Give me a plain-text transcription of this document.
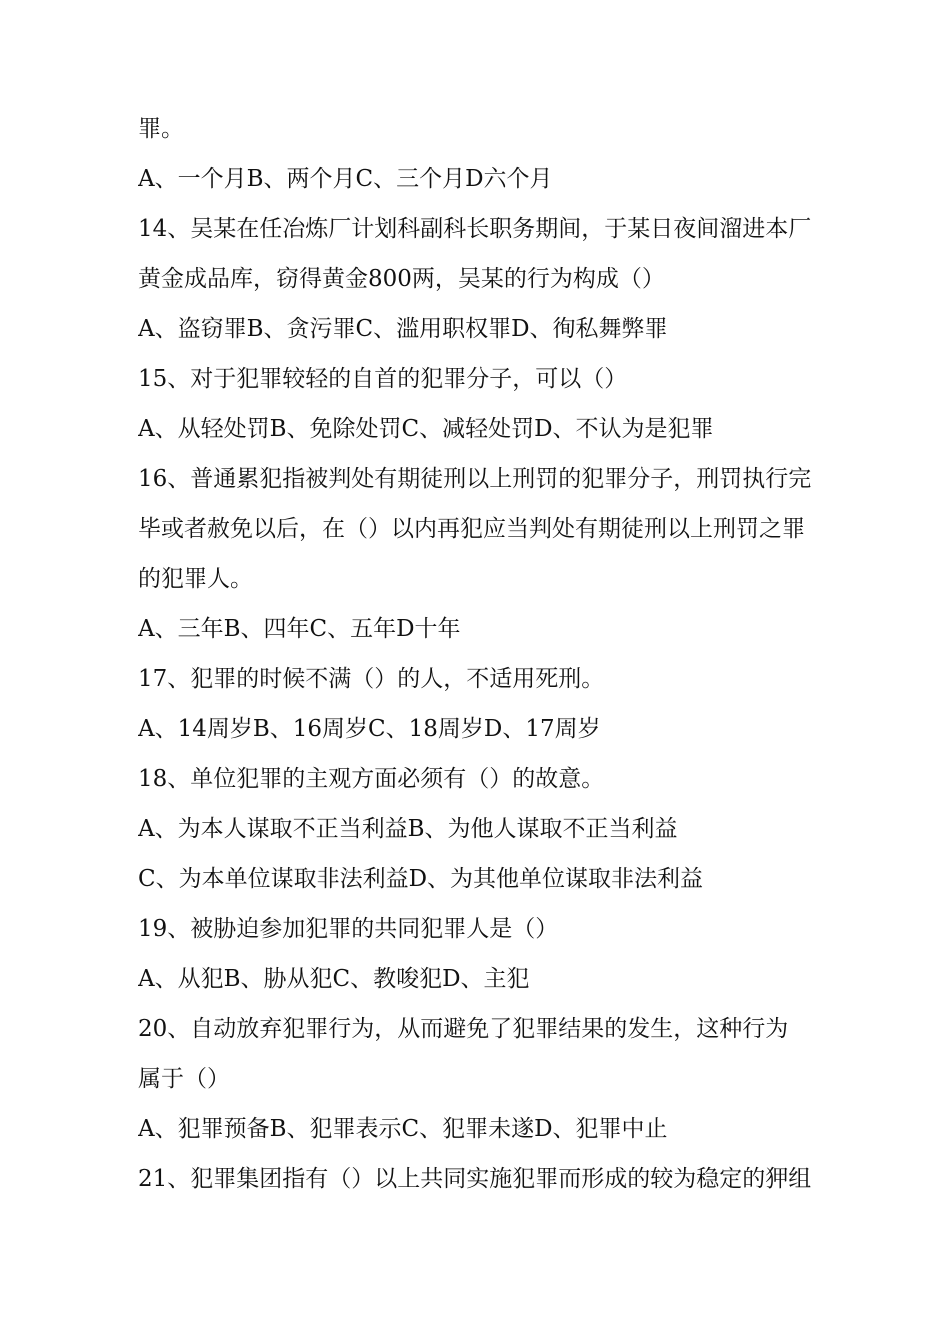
罪。
A、一个月B、两个月C、三个月D六个月
14、吴某在任冶炼厂计划科副科长职务期间，于某日夜间溜进本厂
黄金成品库，窃得黄金800两，吴某的行为构成（）
A、盗窃罪B、贪污罪C、滥用职权罪D、徇私舞弊罪
15、对于犯罪较轻的自首的犯罪分子，可以（）
A、从轻处罚B、免除处罚C、减轻处罚D、不认为是犯罪
16、普通累犯指被判处有期徒刑以上刑罚的犯罪分子，刑罚执行完
毕或者赦免以后，在（）以内再犯应当判处有期徒刑以上刑罚之罪
的犯罪人。
A、三年B、四年C、五年D十年
17、犯罪的时候不满（）的人，不适用死刑。
A、14周岁B、16周岁C、18周岁D、17周岁
18、单位犯罪的主观方面必须有（）的故意。
A、为本人谋取不正当利益B、为他人谋取不正当利益
C、为本单位谋取非法利益D、为其他单位谋取非法利益
19、被胁迫参加犯罪的共同犯罪人是（）
A、从犯B、胁从犯C、教唆犯D、主犯
20、自动放弃犯罪行为，从而避免了犯罪结果的发生，这种行为
属于（）
A、犯罪预备B、犯罪表示C、犯罪未遂D、犯罪中止
21、犯罪集团指有（）以上共同实施犯罪而形成的较为稳定的狎组
